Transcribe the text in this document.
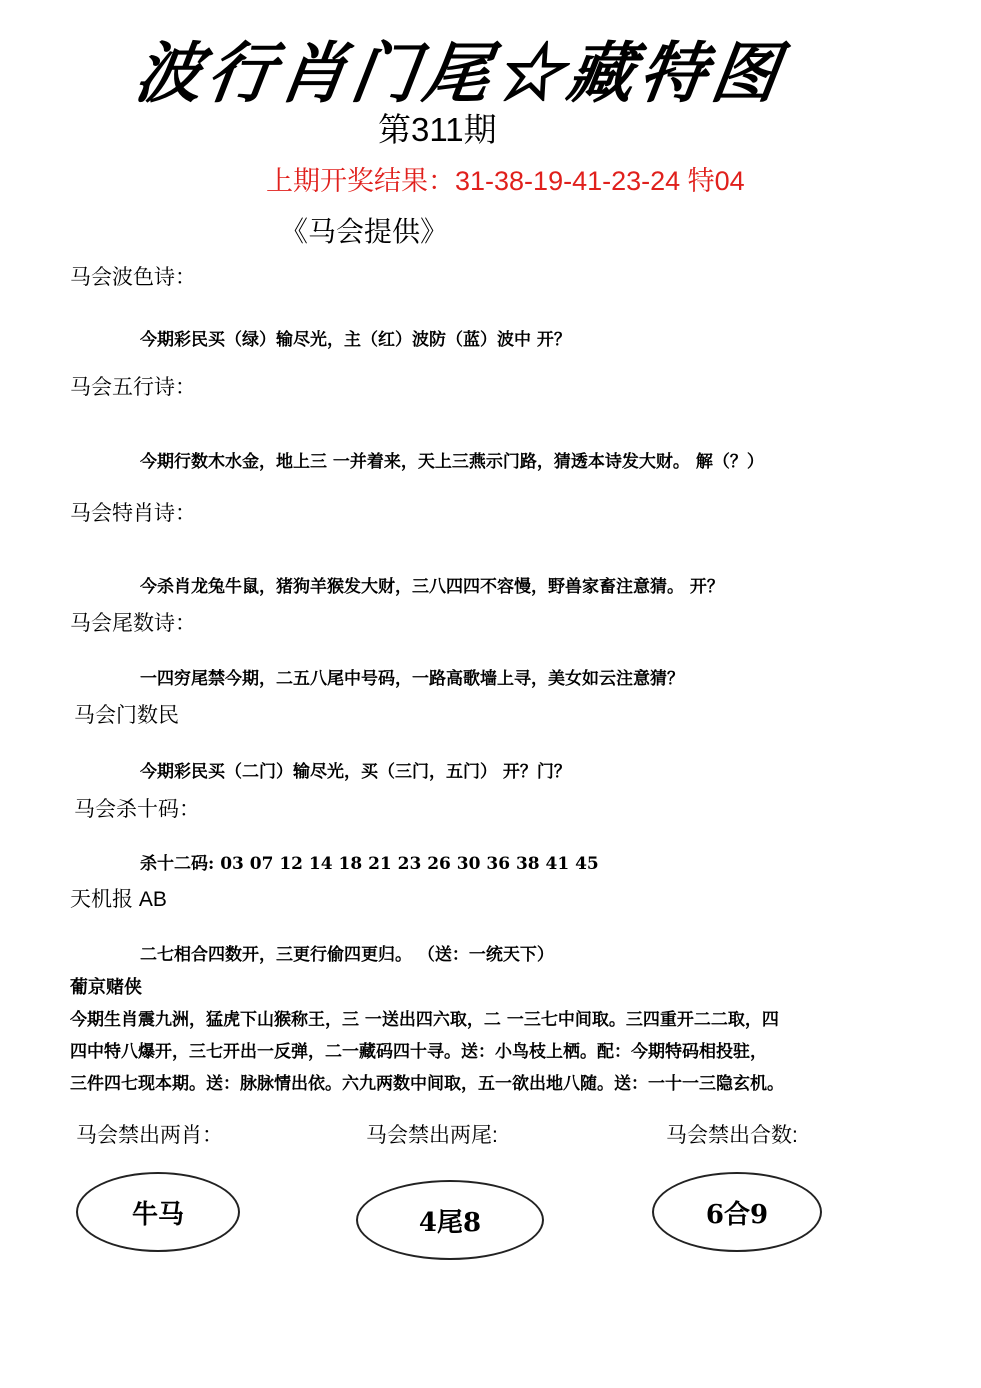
波行肖门尾☆藏特图
第311期
上期开奖结果：31-38-19-41-23-24 特04
《马会提供》
马会波色诗：
今期彩民买（绿）输尽光，主（红）波防（蓝）波中 开？
马会五行诗：
今期行数木水金，地上三 一并着来，天上三燕示门路，猜透本诗发大财。 解（？）
马会特肖诗：
今杀肖龙兔牛鼠，猪狗羊猴发大财，三八四四不容慢，野兽家畜注意猜。 开？
马会尾数诗：
一四穷尾禁今期，二五八尾中号码，一路高歌墙上寻，美女如云注意猜？
马会门数民
今期彩民买（二门）输尽光，买（三门，五门） 开？门？
马会杀十码：
杀十二码: 03 07 12 14 18 21 23 26 30 36 38 41 45
天机报 AB
二七相合四数开，三更行偷四更归。 （送：一统天下）
葡京赌侠
今期生肖震九洲，猛虎下山猴称王，三 一送出四六取，二 一三七中间取。三四重开二二取，四
四中特八爆开，三七开出一反弹，二一藏码四十寻。送：小鸟枝上栖。配：今期特码相投驻，
三件四七现本期。送：脉脉情出依。六九两数中间取，五一欲出地八随。送：一十一三隐玄机。
马会禁出两肖：	马会禁出两尾:	马会禁出合数:
牛马	4尾8	6合9
